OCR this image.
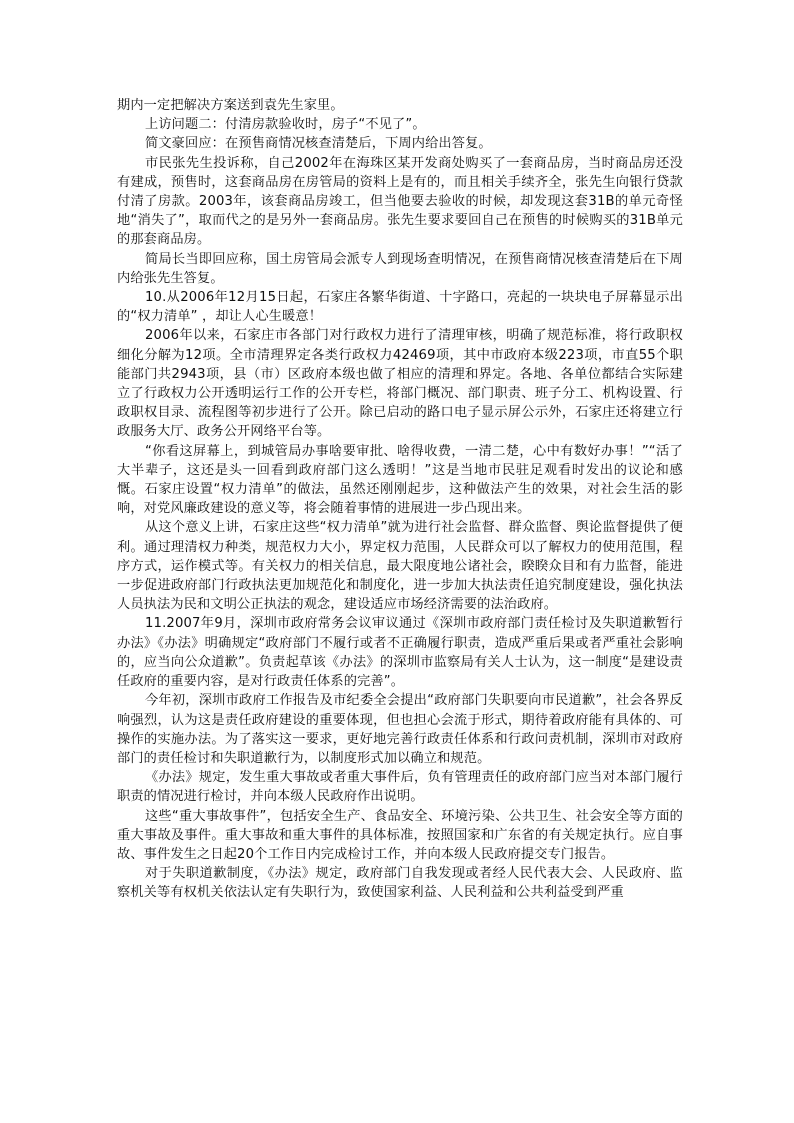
期内一定把解决方案送到袁先生家里。

上访问题二：付清房款验收时，房子“不见了”。

简文豪回应：在预售商情况核查清楚后，下周内给出答复。

市民张先生投诉称，自己2002年在海珠区某开发商处购买了一套商品房，当时商品房还没有建成，预售时，这套商品房在房管局的资料上是有的，而且相关手续齐全，张先生向银行贷款付清了房款。2003年，该套商品房竣工，但当他要去验收的时候，却发现这套31B的单元奇怪地“消失了”，取而代之的是另外一套商品房。张先生要求要回自己在预售的时候购买的31B单元的那套商品房。

简局长当即回应称，国土房管局会派专人到现场查明情况，在预售商情况核查清楚后在下周内给张先生答复。

10.从2006年12月15日起，石家庄各繁华街道、十字路口，亮起的一块块电子屏幕显示出的“权力清单” ，却让人心生暖意！

2006年以来，石家庄市各部门对行政权力进行了清理审核，明确了规范标准，将行政职权细化分解为12项。全市清理界定各类行政权力42469项，其中市政府本级223项，市直55个职能部门共2943项，县（市）区政府本级也做了相应的清理和界定。各地、各单位都结合实际建立了行政权力公开透明运行工作的公开专栏，将部门概况、部门职责、班子分工、机构设置、行政职权目录、流程图等初步进行了公开。除已启动的路口电子显示屏公示外，石家庄还将建立行政服务大厅、政务公开网络平台等。

“你看这屏幕上，到城管局办事啥要审批、啥得收费，一清二楚，心中有数好办事！”“活了大半辈子，这还是头一回看到政府部门这么透明！”这是当地市民驻足观看时发出的议论和感慨。石家庄设置“权力清单”的做法，虽然还刚刚起步，这种做法产生的效果，对社会生活的影响，对党风廉政建设的意义等，将会随着事情的进展进一步凸现出来。

从这个意义上讲，石家庄这些“权力清单”就为进行社会监督、群众监督、舆论监督提供了便利。通过理清权力种类，规范权力大小，界定权力范围，人民群众可以了解权力的使用范围，程序方式，运作模式等。有关权力的相关信息，最大限度地公诸社会，睽睽众目和有力监督，能进一步促进政府部门行政执法更加规范化和制度化，进一步加大执法责任追究制度建设，强化执法人员执法为民和文明公正执法的观念，建设适应市场经济需要的法治政府。

11.2007年9月，深圳市政府常务会议审议通过《深圳市政府部门责任检讨及失职道歉暂行办法》《办法》明确规定“政府部门不履行或者不正确履行职责，造成严重后果或者严重社会影响的，应当向公众道歉”。负责起草该《办法》的深圳市监察局有关人士认为，这一制度“是建设责任政府的重要内容，是对行政责任体系的完善”。

今年初，深圳市政府工作报告及市纪委全会提出“政府部门失职要向市民道歉”，社会各界反响强烈，认为这是责任政府建设的重要体现，但也担心会流于形式，期待着政府能有具体的、可操作的实施办法。为了落实这一要求，更好地完善行政责任体系和行政问责机制，深圳市对政府部门的责任检讨和失职道歉行为，以制度形式加以确立和规范。

《办法》规定，发生重大事故或者重大事件后，负有管理责任的政府部门应当对本部门履行职责的情况进行检讨，并向本级人民政府作出说明。

这些“重大事故事件”，包括安全生产、食品安全、环境污染、公共卫生、社会安全等方面的重大事故及事件。重大事故和重大事件的具体标准，按照国家和广东省的有关规定执行。应自事故、事件发生之日起20个工作日内完成检讨工作，并向本级人民政府提交专门报告。

对于失职道歉制度，《办法》规定，政府部门自我发现或者经人民代表大会、人民政府、监察机关等有权机关依法认定有失职行为，致使国家利益、人民利益和公共利益受到严重
